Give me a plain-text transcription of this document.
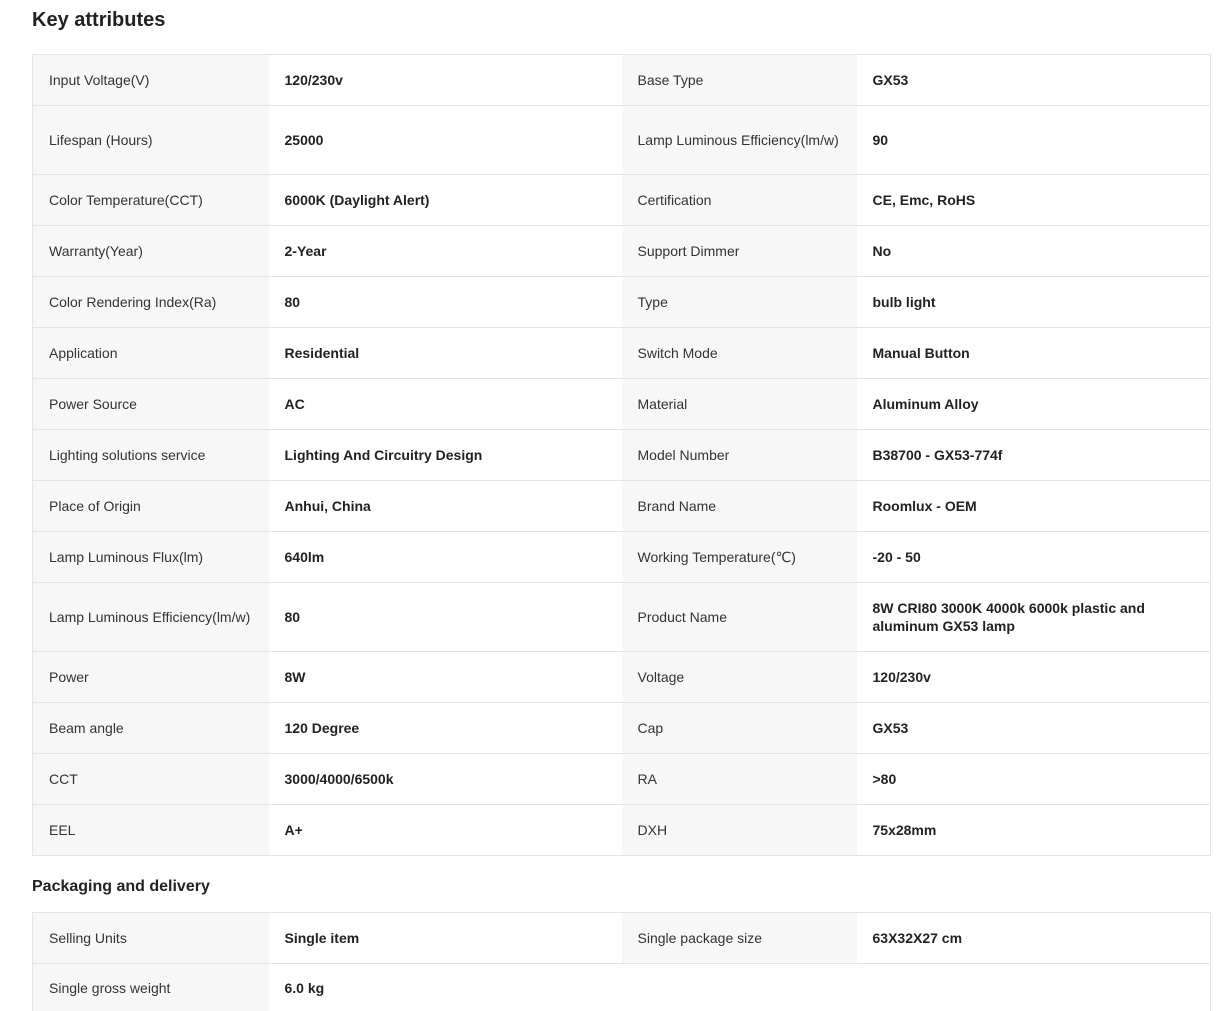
Key attributes
Input Voltage(V)	120/230v	Base Type	GX53
Lifespan (Hours)	25000	Lamp Luminous Efficiency(lm/w)	90
Color Temperature(CCT)	6000K (Daylight Alert)	Certification	CE, Emc, RoHS
Warranty(Year)	2-Year	Support Dimmer	No
Color Rendering Index(Ra)	80	Type	bulb light
Application	Residential	Switch Mode	Manual Button
Power Source	AC	Material	Aluminum Alloy
Lighting solutions service	Lighting And Circuitry Design	Model Number	B38700 - GX53-774f
Place of Origin	Anhui, China	Brand Name	Roomlux - OEM
Lamp Luminous Flux(lm)	640lm	Working Temperature(℃)	-20 - 50
Lamp Luminous Efficiency(lm/w)	80	Product Name	8W CRI80 3000K 4000k 6000k plastic and aluminum GX53 lamp
Power	8W	Voltage	120/230v
Beam angle	120 Degree	Cap	GX53
CCT	3000/4000/6500k	RA	>80
EEL	A+	DXH	75x28mm
Packaging and delivery
Selling Units	Single item	Single package size	63X32X27 cm
Single gross weight	6.0 kg		
